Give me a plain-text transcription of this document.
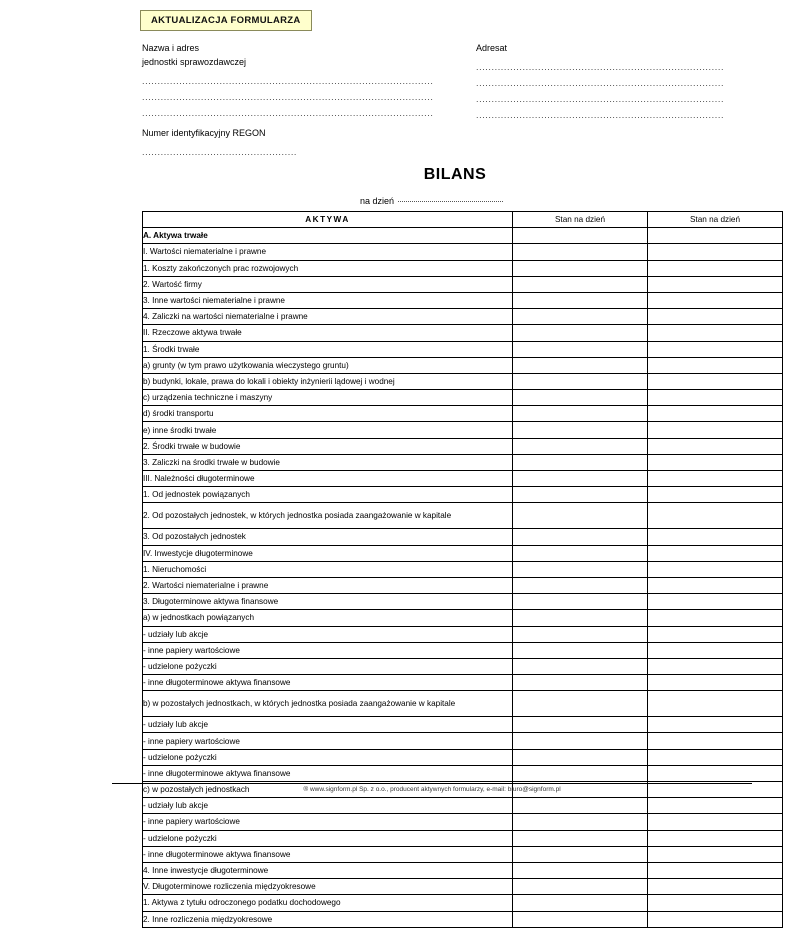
AKTUALIZACJA FORMULARZA
Nazwa i adres
jednostki sprawozdawczej
..............................................................................................
..............................................................................................
..............................................................................................
Numer identyfikacyjny REGON
..................................................
Adresat
................................................................................
................................................................................
................................................................................
................................................................................
BILANS
na dzień
AKTYWA	Stan na dzień	Stan na dzień
A. Aktywa trwałe		
I. Wartości niematerialne i prawne		
1. Koszty zakończonych prac rozwojowych		
2. Wartość firmy		
3. Inne wartości niematerialne i prawne		
4. Zaliczki na wartości niematerialne i prawne		
II. Rzeczowe aktywa trwałe		
1. Środki trwałe		
a) grunty (w tym prawo użytkowania wieczystego gruntu)		
b) budynki, lokale, prawa do lokali i obiekty inżynierii lądowej i wodnej		
c) urządzenia techniczne i maszyny		
d) środki transportu		
e) inne środki trwałe		
2. Środki trwałe w budowie		
3. Zaliczki na środki trwałe w budowie		
III. Należności długoterminowe		
1. Od jednostek powiązanych		
2. Od pozostałych jednostek, w których jednostka posiada zaangażowanie w kapitale		
3. Od pozostałych jednostek		
IV. Inwestycje długoterminowe		
1. Nieruchomości		
2. Wartości niematerialne i prawne		
3. Długoterminowe aktywa finansowe		
a) w jednostkach powiązanych		
- udziały lub akcje		
- inne papiery wartościowe		
- udzielone pożyczki		
- inne długoterminowe aktywa finansowe		
b) w pozostałych jednostkach, w których jednostka posiada zaangażowanie w kapitale		
- udziały lub akcje		
- inne papiery wartościowe		
- udzielone pożyczki		
- inne długoterminowe aktywa finansowe		
c) w pozostałych jednostkach		
- udziały lub akcje		
- inne papiery wartościowe		
- udzielone pożyczki		
- inne długoterminowe aktywa finansowe		
4. Inne inwestycje długoterminowe		
V. Długoterminowe rozliczenia międzyokresowe		
1. Aktywa z tytułu odroczonego podatku dochodowego		
2. Inne rozliczenia międzyokresowe		
® www.signform.pl Sp. z o.o., producent aktywnych formularzy, e-mail: biuro@signform.pl
